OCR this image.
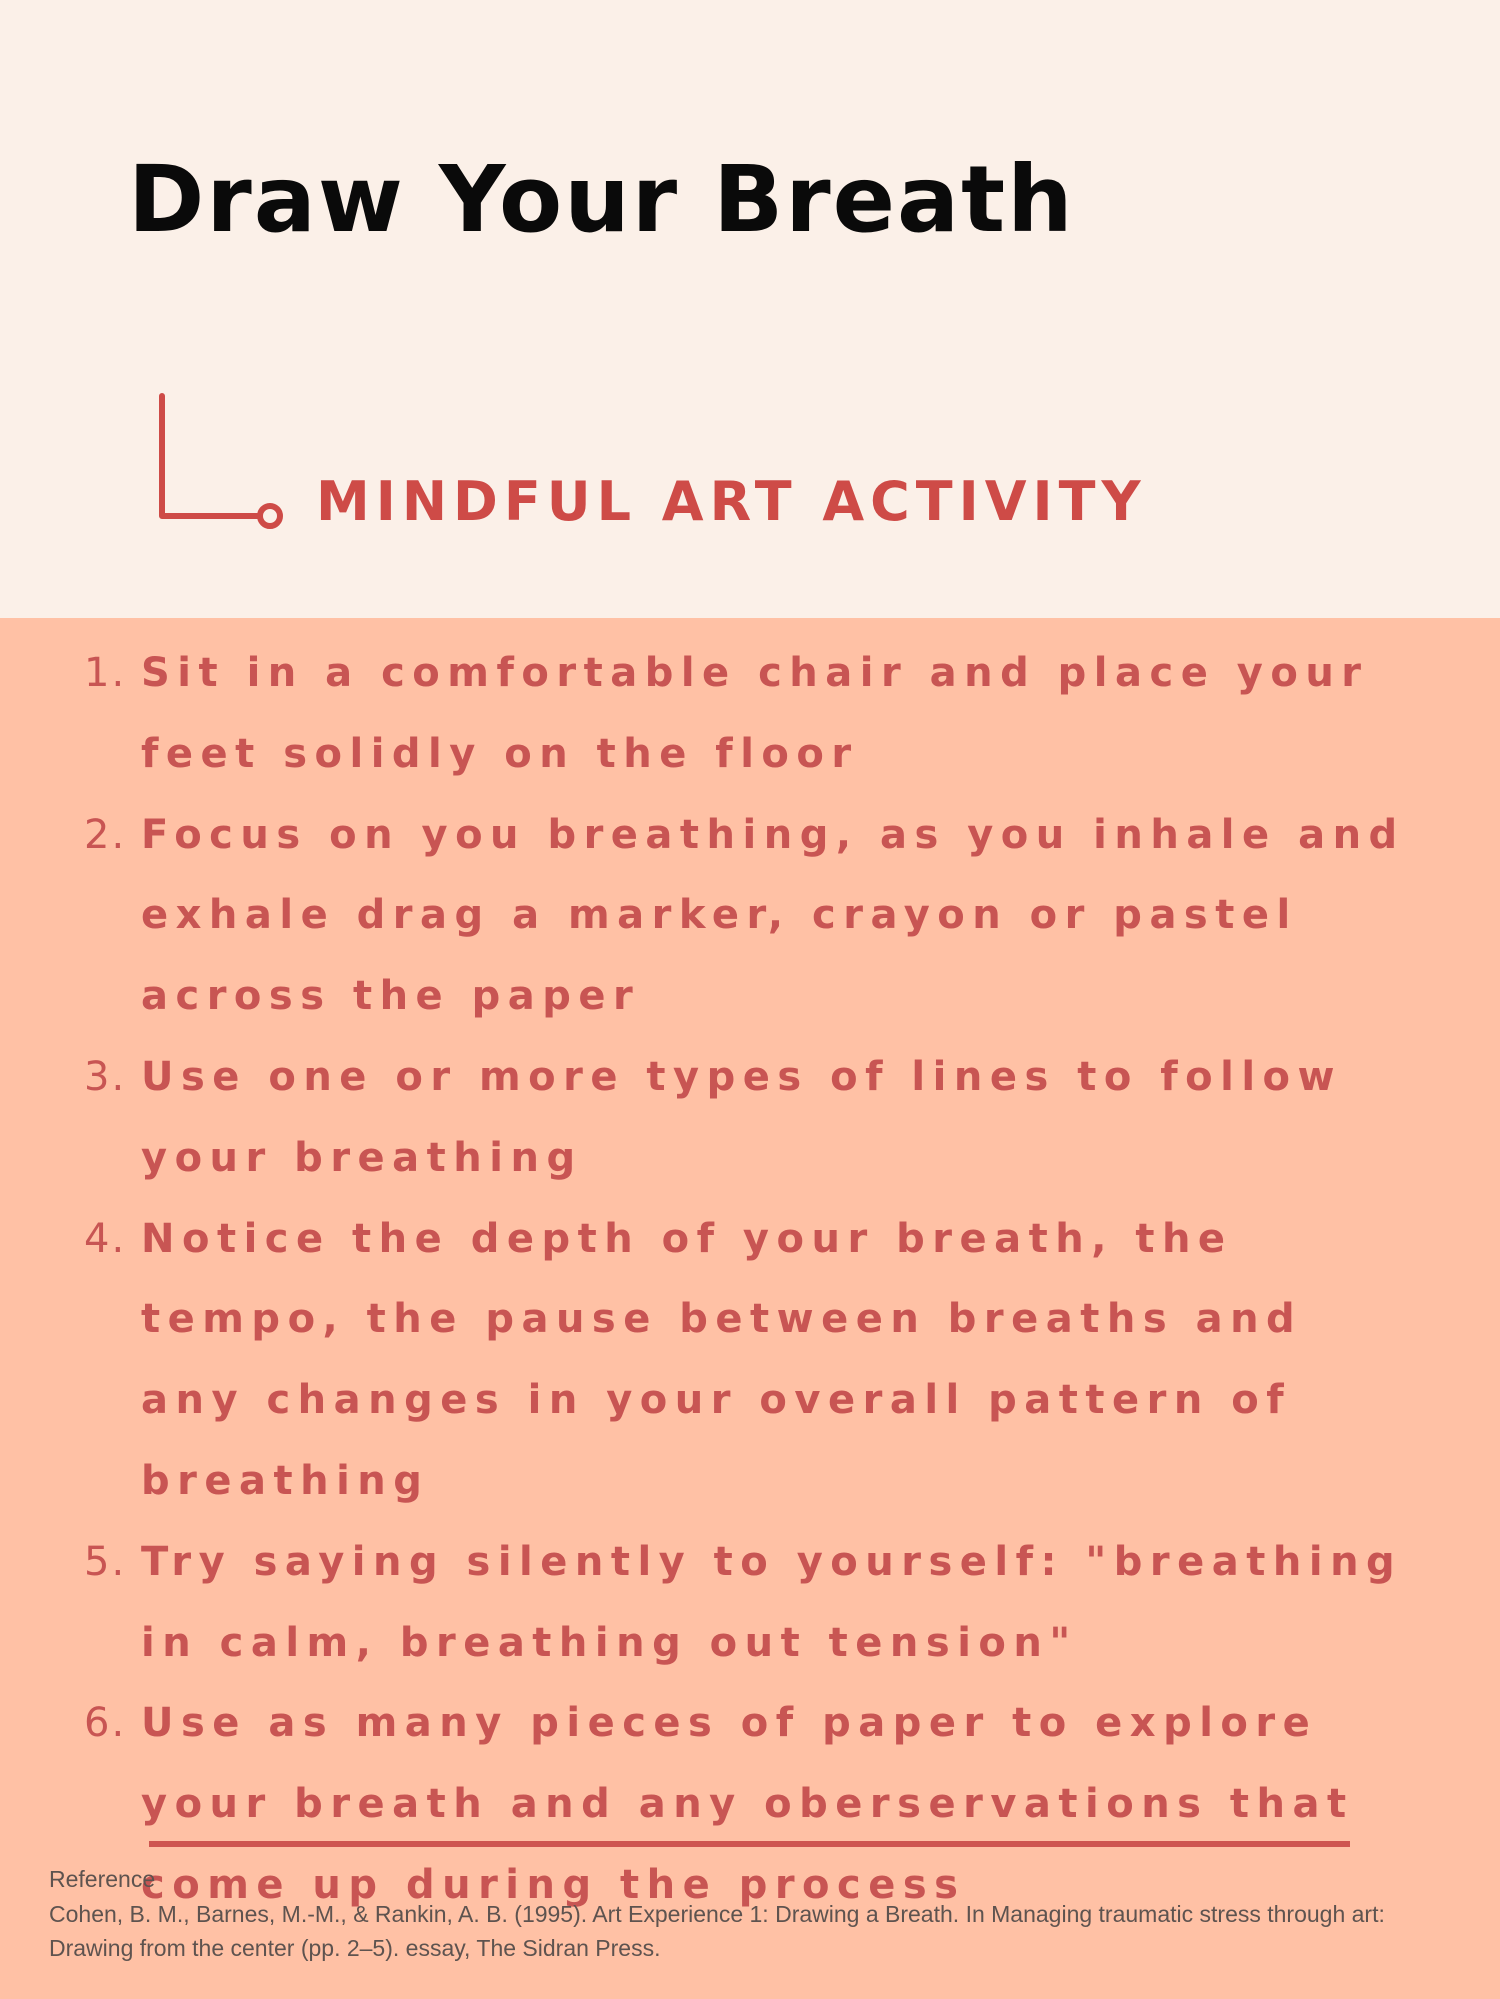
Draw Your Breath
MINDFUL ART ACTIVITY
1. Sit in a comfortable chair and place your feet solidly on the floor
2. Focus on you breathing, as you inhale and exhale drag a marker, crayon or pastel across the paper
3. Use one or more types of lines to follow your breathing
4. Notice the depth of your breath, the tempo, the pause between breaths and any changes in your overall pattern of breathing
5. Try saying silently to yourself: "breathing in calm, breathing out tension"
6. Use as many pieces of paper to explore your breath and any oberservations that come up during the process
Reference
Cohen, B. M., Barnes, M.-M., & Rankin, A. B. (1995). Art Experience 1: Drawing a Breath. In Managing traumatic stress through art: Drawing from the center (pp. 2–5). essay, The Sidran Press.
